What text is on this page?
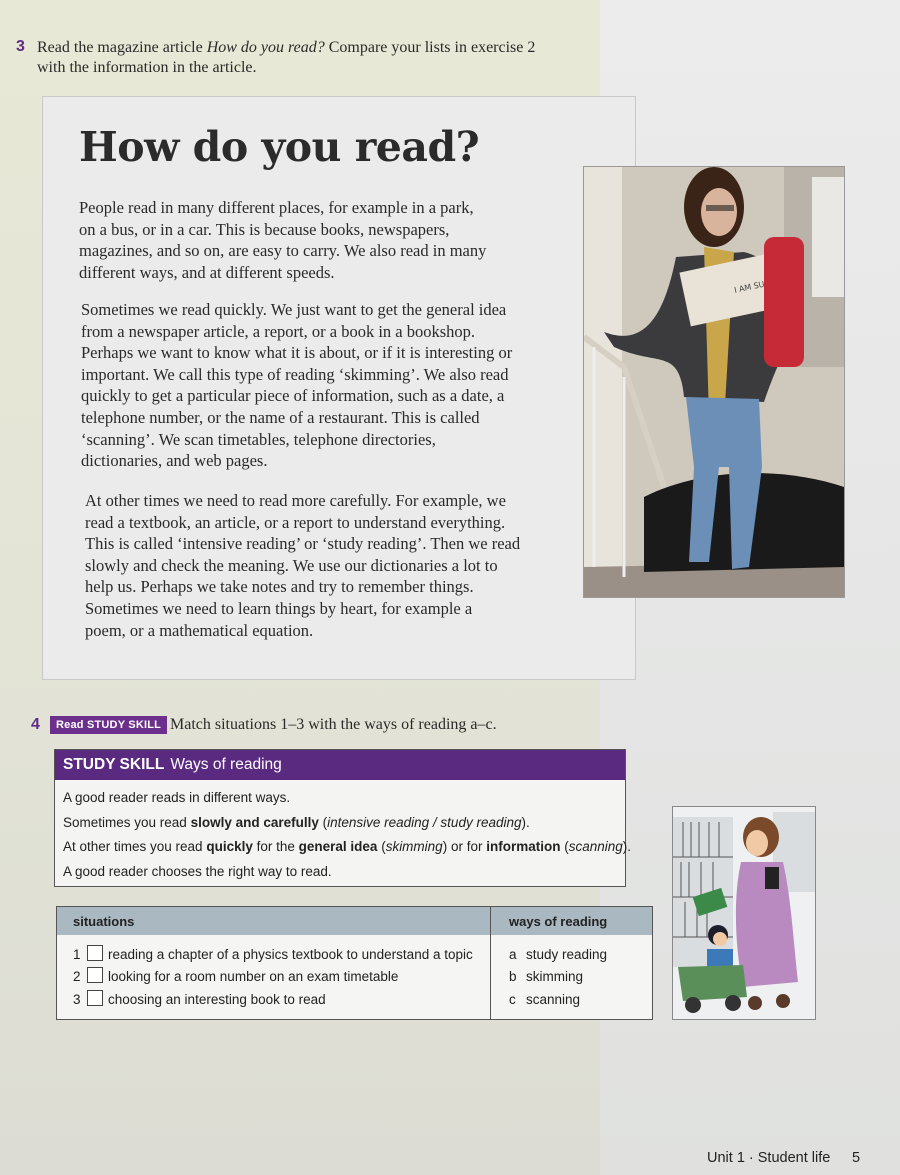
3 Read the magazine article How do you read? Compare your lists in exercise 2
with the information in the article.
How do you read?
People read in many different places, for example in a park,
on a bus, or in a car. This is because books, newspapers,
magazines, and so on, are easy to carry. We also read in many
different ways, and at different speeds.
Sometimes we read quickly. We just want to get the general idea
from a newspaper article, a report, or a book in a bookshop.
Perhaps we want to know what it is about, or if it is interesting or
important. We call this type of reading ‘skimming’. We also read
quickly to get a particular piece of information, such as a date, a
telephone number, or the name of a restaurant. This is called
‘scanning’. We scan timetables, telephone directories,
dictionaries, and web pages.
At other times we need to read more carefully. For example, we
read a textbook, an article, or a report to understand everything.
This is called ‘intensive reading’ or ‘study reading’. Then we read
slowly and check the meaning. We use our dictionaries a lot to
help us. Perhaps we take notes and try to remember things.
Sometimes we need to learn things by heart, for example a
poem, or a mathematical equation.
I AM
4	Read STUDY SKILL Match situations 1–3 with the ways of reading a–c.
STUDY SKILL Ways of reading
A good reader reads in different ways.
Sometimes you read slowly and carefully (intensive reading / study reading).
At other times you read quickly for the general idea (skimming) or for information (scanning).
A good reader chooses the right way to read.
situations	ways of reading
1 reading a chapter of a physics textbook to understand a topic
2 looking for a room number on an exam timetable
3 choosing an interesting book to read
a study reading
b skimming
c scanning
Unit 1 · Student life 5
